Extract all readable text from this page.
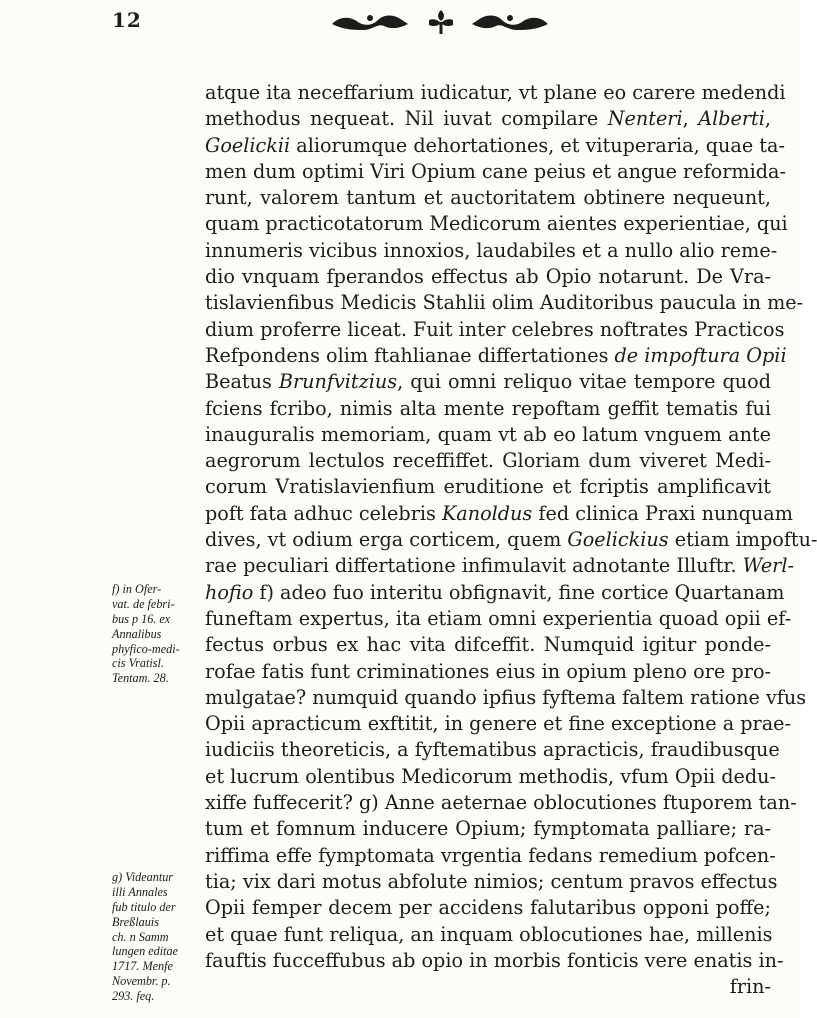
12
atque ita neceffarium iudicatur, vt plane eo carere medendi
methodus nequeat. Nil iuvat compilare Nenteri, Alberti,
Goelickii aliorumque dehortationes, et vituperaria, quae ta-
men dum optimi Viri Opium cane peius et angue reformida-
runt, valorem tantum et auctoritatem obtinere nequeunt,
quam practicotatorum Medicorum aientes experientiae, qui
innumeris vicibus innoxios, laudabiles et a nullo alio reme-
dio vnquam fperandos effectus ab Opio notarunt. De Vra-
tislavienfibus Medicis Stahlii olim Auditoribus paucula in me-
dium proferre liceat. Fuit inter celebres noftrates Practicos
Refpondens olim ftahlianae differtationes de impoftura Opii
Beatus Brunfvitzius, qui omni reliquo vitae tempore quod
fciens fcribo, nimis alta mente repoftam geffit tematis fui
inauguralis memoriam, quam vt ab eo latum vnguem ante
aegrorum lectulos receffiffet. Gloriam dum viveret Medi-
corum Vratislavienfium eruditione et fcriptis amplificavit
poft fata adhuc celebris Kanoldus fed clinica Praxi nunquam
dives, vt odium erga corticem, quem Goelickius etiam impoftu-
rae peculiari differtatione infimulavit adnotante Illuftr. Werl-
hofio f) adeo fuo interitu obfignavit, fine cortice Quartanam
funeftam expertus, ita etiam omni experientia quoad opii ef-
fectus orbus ex hac vita difceffit. Numquid igitur ponde-
rofae fatis funt criminationes eius in opium pleno ore pro-
mulgatae? numquid quando ipfius fyftema faltem ratione vfus
Opii apracticum exftitit, in genere et fine exceptione a prae-
iudiciis theoreticis, a fyftematibus apracticis, fraudibusque
et lucrum olentibus Medicorum methodis, vfum Opii dedu-
xiffe fuffecerit? g) Anne aeternae oblocutiones ftuporem tan-
tum et fomnum inducere Opium; fymptomata palliare; ra-
riffima effe fymptomata vrgentia fedans remedium pofcen-
tia; vix dari motus abfolute nimios; centum pravos effectus
Opii femper decem per accidens falutaribus opponi poffe;
et quae funt reliqua, an inquam oblocutiones hae, millenis
fauftis fucceffubus ab opio in morbis fonticis vere enatis in-
frin-
f) in Ofer-
vat. de febri-
bus p 16. ex
Annalibus
phyfico-medi-
cis Vratisl.
Tentam. 28.
g) Videantur
illi Annales
fub titulo der
Breßlauis
ch. n Samm
lungen editae
1717. Menfe
Novembr. p.
293. feq.
